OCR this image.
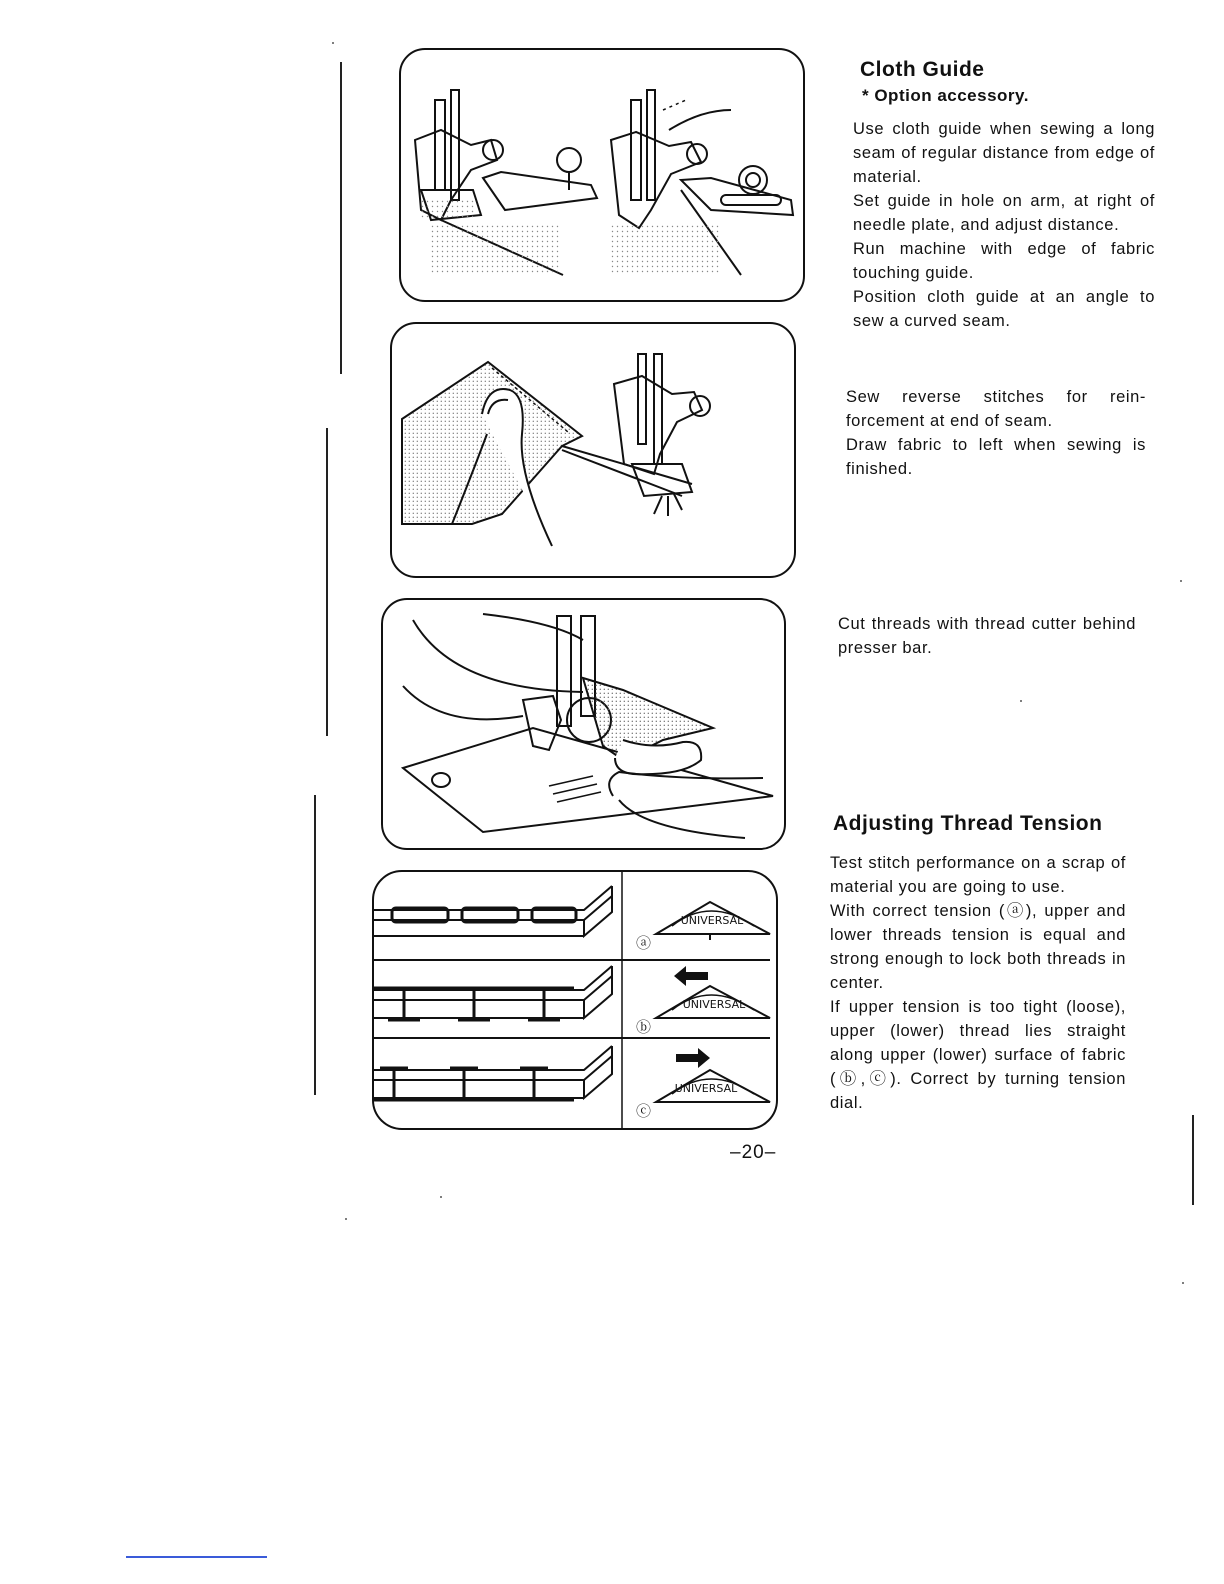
UNIVERSAL
ⓐ
UNIVERSAL
ⓑ
UNIVERSAL
ⓒ
Cloth Guide
* Option accessory.

Use cloth guide when sewing a long seam of regular distance from edge of material.

Set guide in hole on arm, at right of needle plate, and adjust distance.

Run machine with edge of fabric touching guide.

Position cloth guide at an angle to sew a curved seam.

Sew reverse stitches for rein-forcement at end of seam.

Draw fabric to left when sewing is finished.

Cut threads with thread cutter behind presser bar.

Adjusting Thread Tension

Test stitch performance on a scrap of material you are going to use.

With correct tension (ⓐ), upper and lower threads tension is equal and strong enough to lock both threads in center.

If upper tension is too tight (loose), upper (lower) thread lies straight along upper (lower) surface of fabric (ⓑ,ⓒ). Correct by turning tension dial.

–20–
